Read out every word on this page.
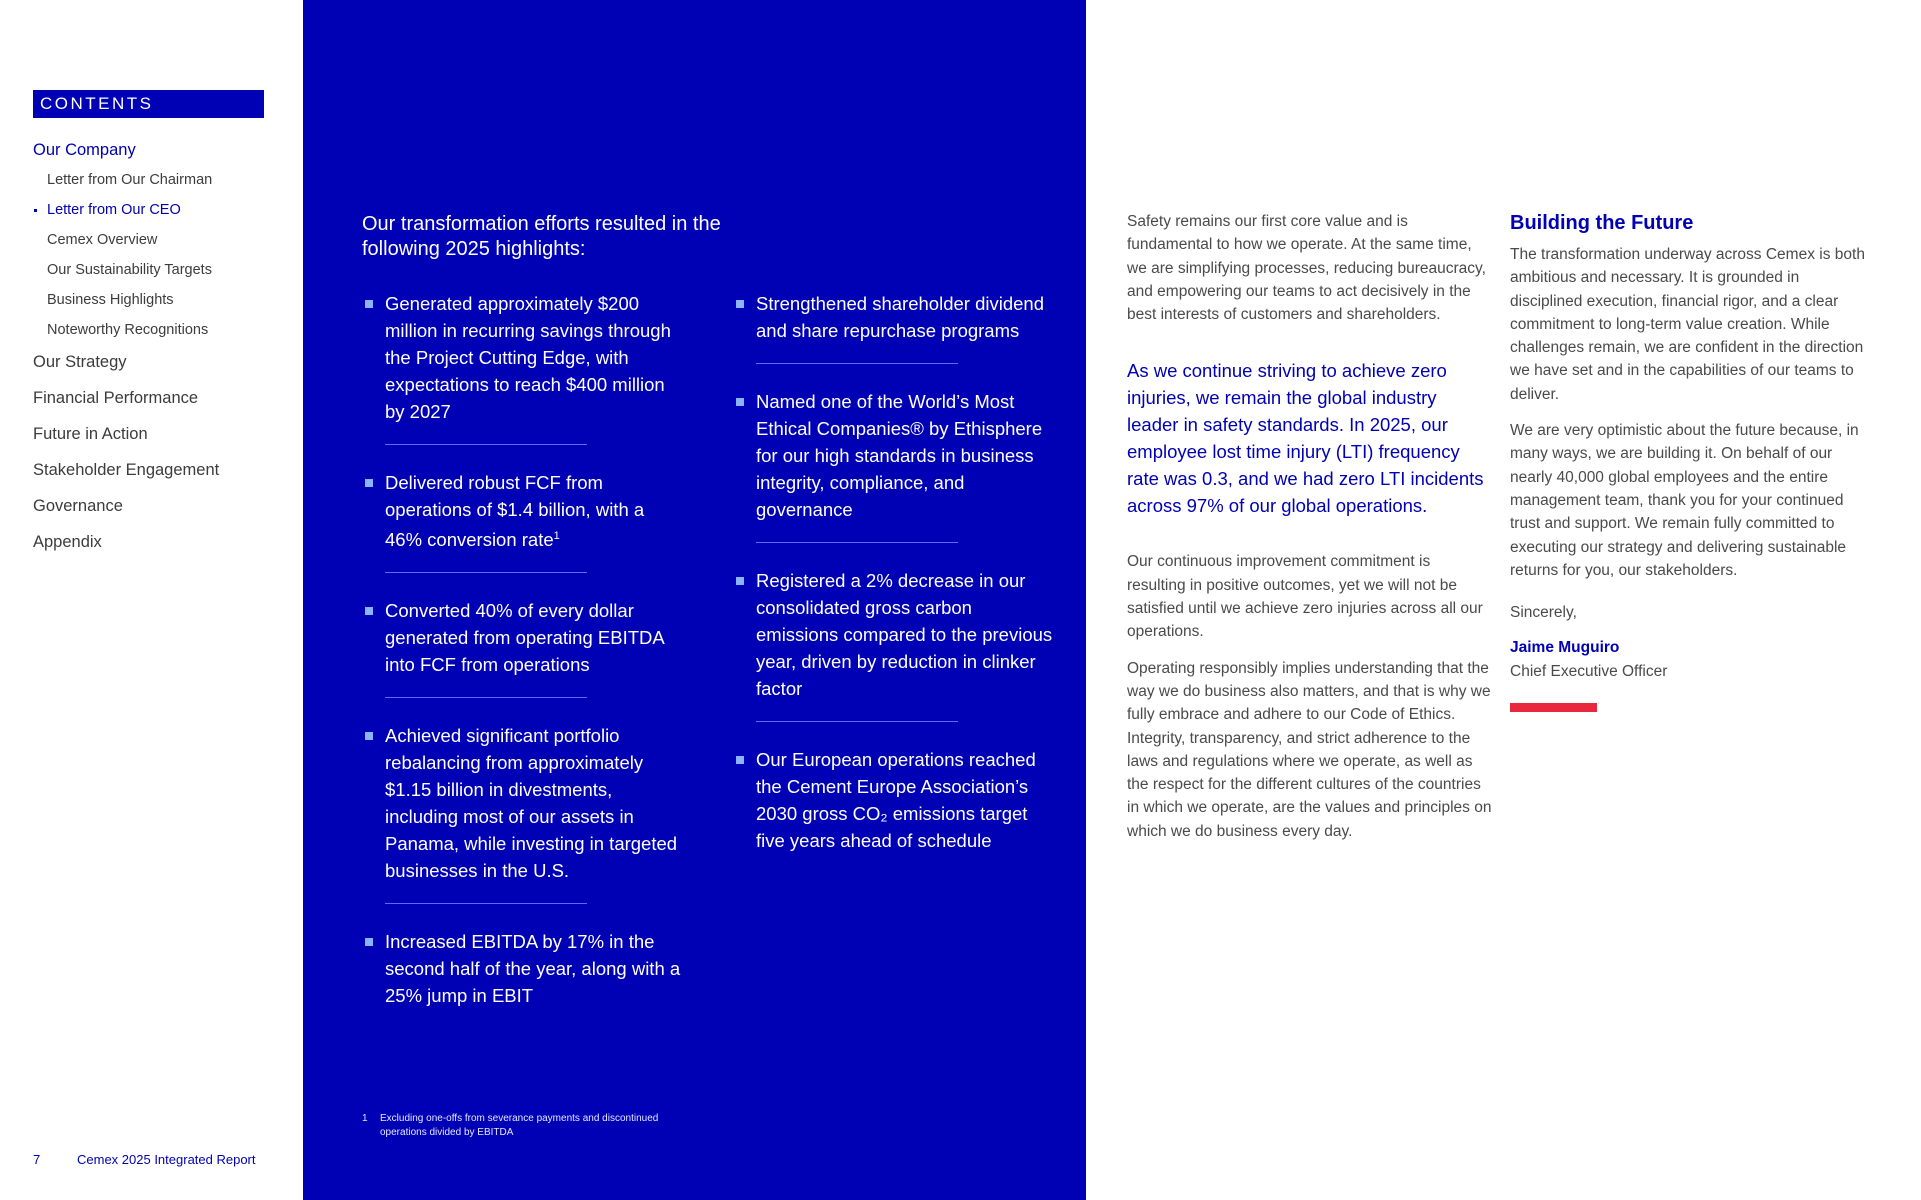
CONTENTS
Our Company
Letter from Our Chairman
Letter from Our CEO
Cemex Overview
Our Sustainability Targets
Business Highlights
Noteworthy Recognitions
Our Strategy
Financial Performance
Future in Action
Stakeholder Engagement
Governance
Appendix
7	Cemex 2025 Integrated Report
Our transformation efforts resulted in the following 2025 highlights:
Generated approximately $200 million in recurring savings through the Project Cutting Edge, with expectations to reach $400 million by 2027
Delivered robust FCF from operations of $1.4 billion, with a 46% conversion rate$^1$
Converted 40% of every dollar generated from operating EBITDA into FCF from operations
Achieved significant portfolio rebalancing from approximately $1.15 billion in divestments, including most of our assets in Panama, while investing in targeted businesses in the U.S.
Increased EBITDA by 17% in the second half of the year, along with a 25% jump in EBIT
Strengthened shareholder dividend and share repurchase programs
Named one of the World’s Most Ethical Companies® by Ethisphere for our high standards in business integrity, compliance, and governance
Registered a 2% decrease in our consolidated gross carbon emissions compared to the previous year, driven by reduction in clinker factor
Our European operations reached the Cement Europe Association’s 2030 gross CO₂ emissions target five years ahead of schedule
1	Excluding one-offs from severance payments and discontinued operations divided by EBITDA

Safety remains our first core value and is fundamental to how we operate. At the same time, we are simplifying processes, reducing bureaucracy, and empowering our teams to act decisively in the best interests of customers and shareholders.

As we continue striving to achieve zero injuries, we remain the global industry leader in safety standards. In 2025, our employee lost time injury (LTI) frequency rate was 0.3, and we had zero LTI incidents across 97% of our global operations.

Our continuous improvement commitment is resulting in positive outcomes, yet we will not be satisfied until we achieve zero injuries across all our operations.

Operating responsibly implies understanding that the way we do business also matters, and that is why we fully embrace and adhere to our Code of Ethics. Integrity, transparency, and strict adherence to the laws and regulations where we operate, as well as the respect for the different cultures of the countries in which we operate, are the values and principles on which we do business every day.

Building the Future

The transformation underway across Cemex is both ambitious and necessary. It is grounded in disciplined execution, financial rigor, and a clear commitment to long-term value creation. While challenges remain, we are confident in the direction we have set and in the capabilities of our teams to deliver.

We are very optimistic about the future because, in many ways, we are building it. On behalf of our nearly 40,000 global employees and the entire management team, thank you for your continued trust and support. We remain fully committed to executing our strategy and delivering sustainable returns for you, our stakeholders.

Sincerely,

Jaime Muguiro
Chief Executive Officer
